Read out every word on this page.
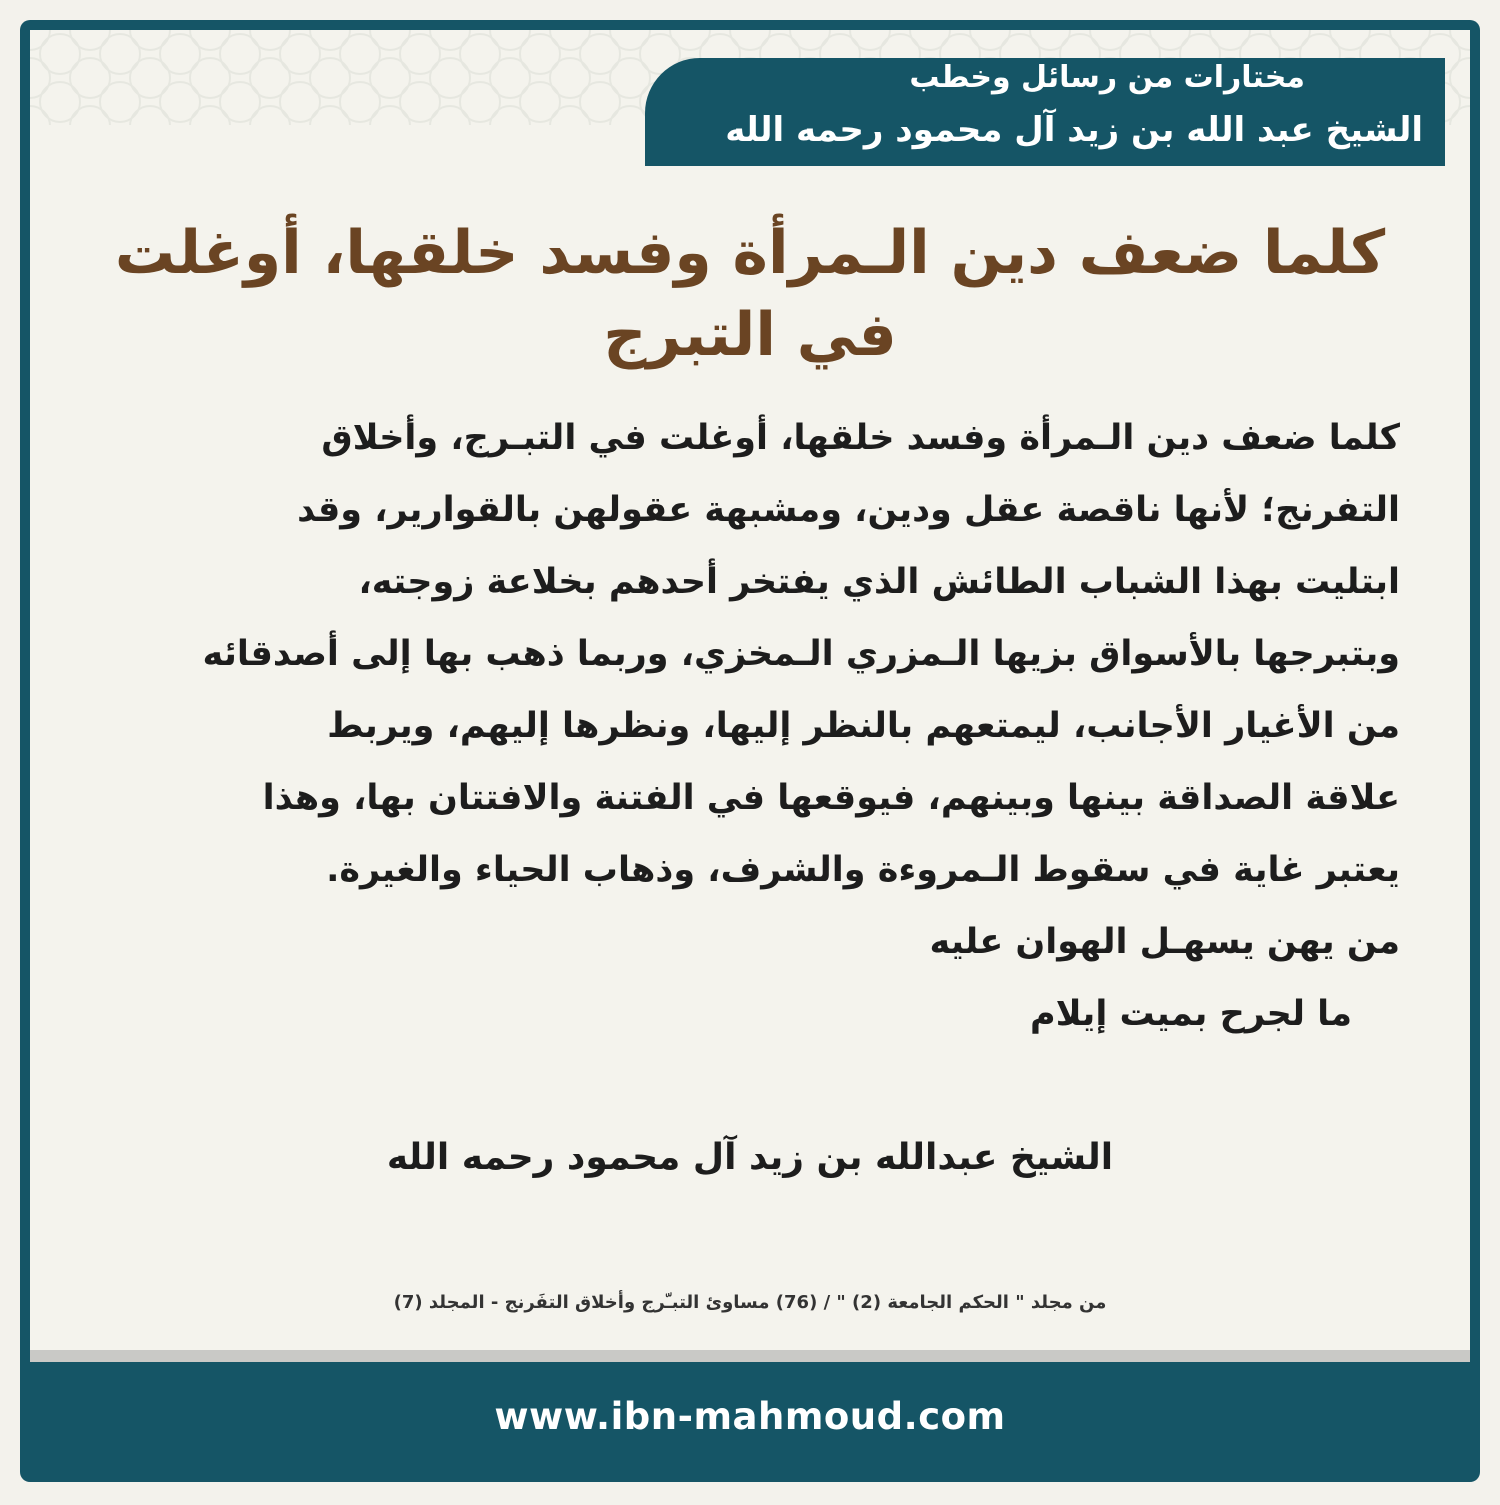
مختارات من رسائل وخطب
الشيخ عبد الله بن زيد آل محمود رحمه الله
كلما ضعف دين الـمرأة وفسد خلقها، أوغلت في التبرج
كلما ضعف دين الـمرأة وفسد خلقها، أوغلت في التبـرج، وأخلاق
التفرنج؛ لأنها ناقصة عقل ودين، ومشبهة عقولهن بالقوارير، وقد
ابتليت بهذا الشباب الطائش الذي يفتخر أحدهم بخلاعة زوجته،
وبتبرجها بالأسواق بزيها الـمزري الـمخزي، وربما ذهب بها إلى أصدقائه
من الأغيار الأجانب، ليمتعهم بالنظر إليها، ونظرها إليهم، ويربط
علاقة الصداقة بينها وبينهم، فيوقعها في الفتنة والافتتان بها، وهذا
يعتبر غاية في سقوط الـمروءة والشرف، وذهاب الحياء والغيرة.
من يهن يسهـل الهوان عليه
ما لجرح بميت إيلام
الشيخ عبدالله بن زيد آل محمود رحمه الله
من مجلد " الحكم الجامعة (2) " / (76) مساوئ التبـّرج وأخلاق التفَرنج - المجلد (7)
www.ibn-mahmoud.com
